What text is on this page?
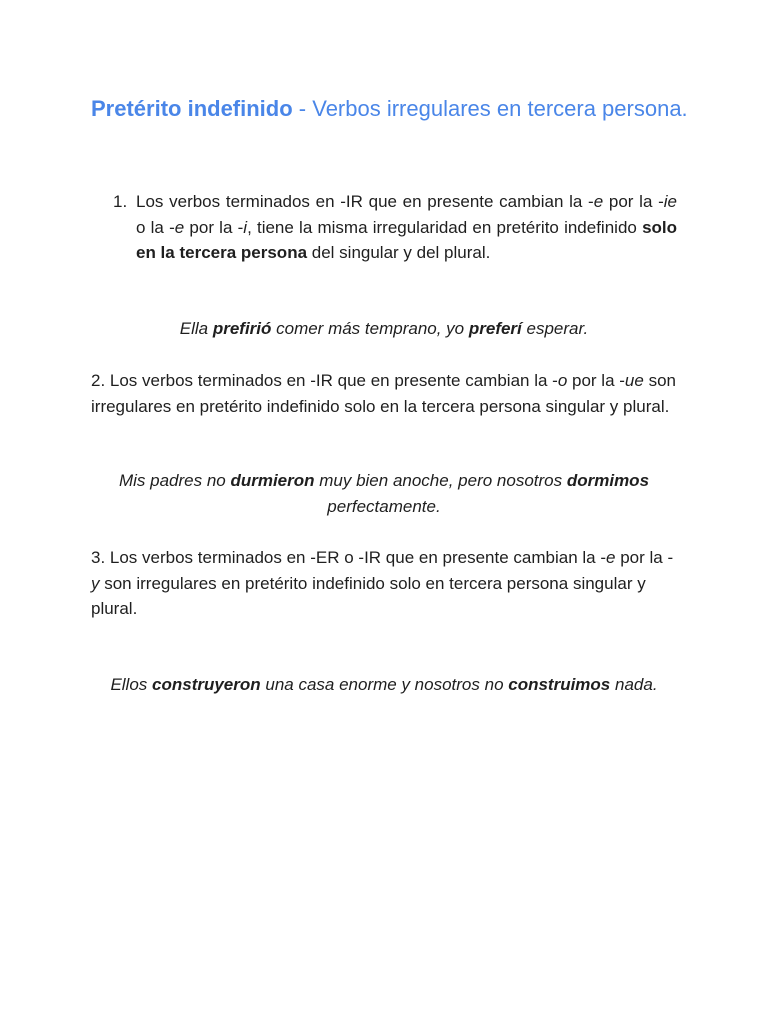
Pretérito indefinido - Verbos irregulares en tercera persona.
1. Los verbos terminados en -IR que en presente cambian la -e por la -ie o la -e por la -i, tiene la misma irregularidad en pretérito indefinido solo en la tercera persona del singular y del plural.

Ella prefirió comer más temprano, yo preferí esperar.

2. Los verbos terminados en -IR que en presente cambian la -o por la -ue son irregulares en pretérito indefinido solo en la tercera persona singular y plural.

Mis padres no durmieron muy bien anoche, pero nosotros dormimos perfectamente.

3. Los verbos terminados en -ER o -IR que en presente cambian la -e por la -y son irregulares en pretérito indefinido solo en tercera persona singular y plural.

Ellos construyeron una casa enorme y nosotros no construimos nada.
